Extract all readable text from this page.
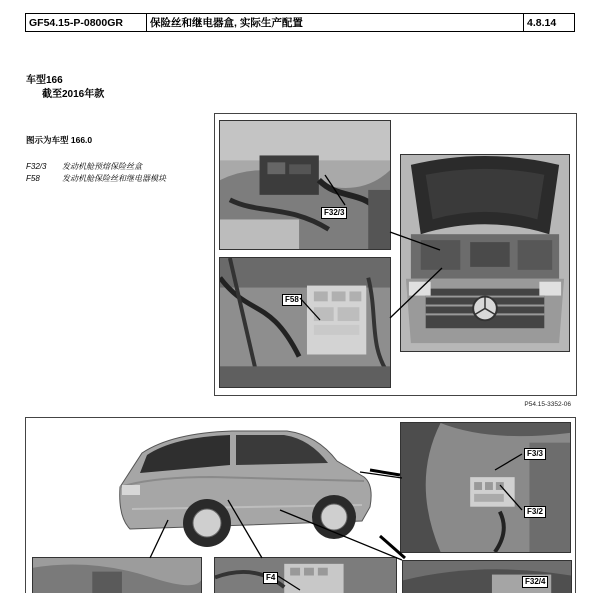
GF54.15-P-0800GR	保险丝和继电器盒, 实际生产配置	4.8.14
车型166
截至2016年款
图示为车型 166.0
F32/3	发动机舱预熔保险丝盒
F58	发动机舱保险丝和继电器模块
F32/3
F58
P54.15-3352-06
F3/3
F3/2
F4	F32/4
